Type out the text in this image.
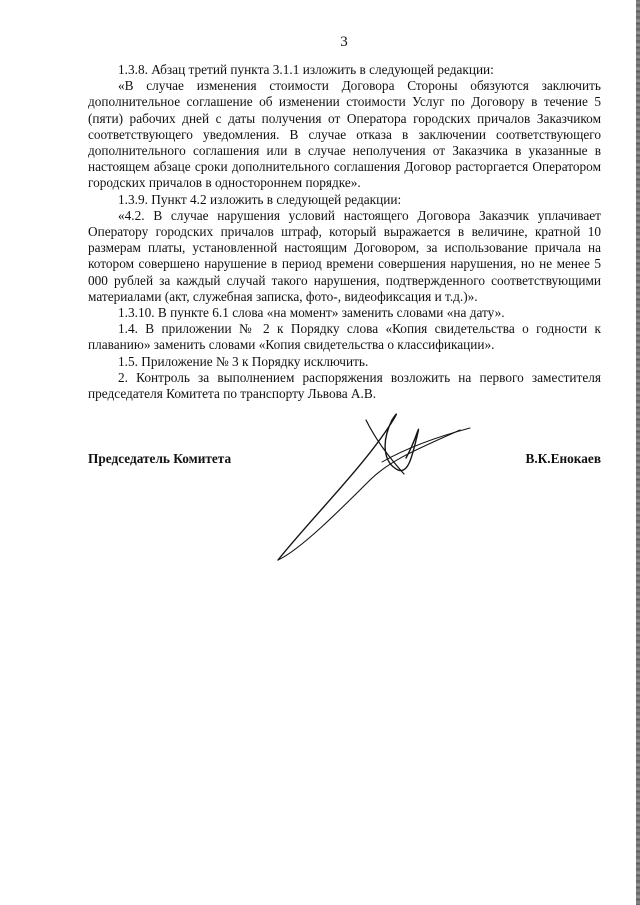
3

1.3.8. Абзац третий пункта 3.1.1 изложить в следующей редакции:

«В случае изменения стоимости Договора Стороны обязуются заключить дополнительное соглашение об изменении стоимости Услуг по Договору в течение 5 (пяти) рабочих дней с даты получения от Оператора городских причалов Заказчиком соответствующего уведомления. В случае отказа в заключении соответствующего дополнительного соглашения или в случае неполучения от Заказчика в указанные в настоящем абзаце сроки дополнительного соглашения Договор расторгается Оператором городских причалов в одностороннем порядке».

1.3.9. Пункт 4.2 изложить в следующей редакции:

«4.2. В случае нарушения условий настоящего Договора Заказчик уплачивает Оператору городских причалов штраф, который выражается в величине, кратной 10 размерам платы, установленной настоящим Договором, за использование причала на котором совершено нарушение в период времени совершения нарушения, но не менее 5 000 рублей за каждый случай такого нарушения, подтвержденного соответствующими материалами (акт, служебная записка, фото-, видеофиксация и т.д.)».

1.3.10. В пункте 6.1 слова «на момент» заменить словами «на дату».

1.4. В приложении № 2 к Порядку слова «Копия свидетельства о годности к плаванию» заменить словами «Копия свидетельства о классификации».

1.5. Приложение № 3 к Порядку исключить.

2. Контроль за выполнением распоряжения возложить на первого заместителя председателя Комитета по транспорту Львова А.В.

Председатель Комитета	В.К.Енокаев
